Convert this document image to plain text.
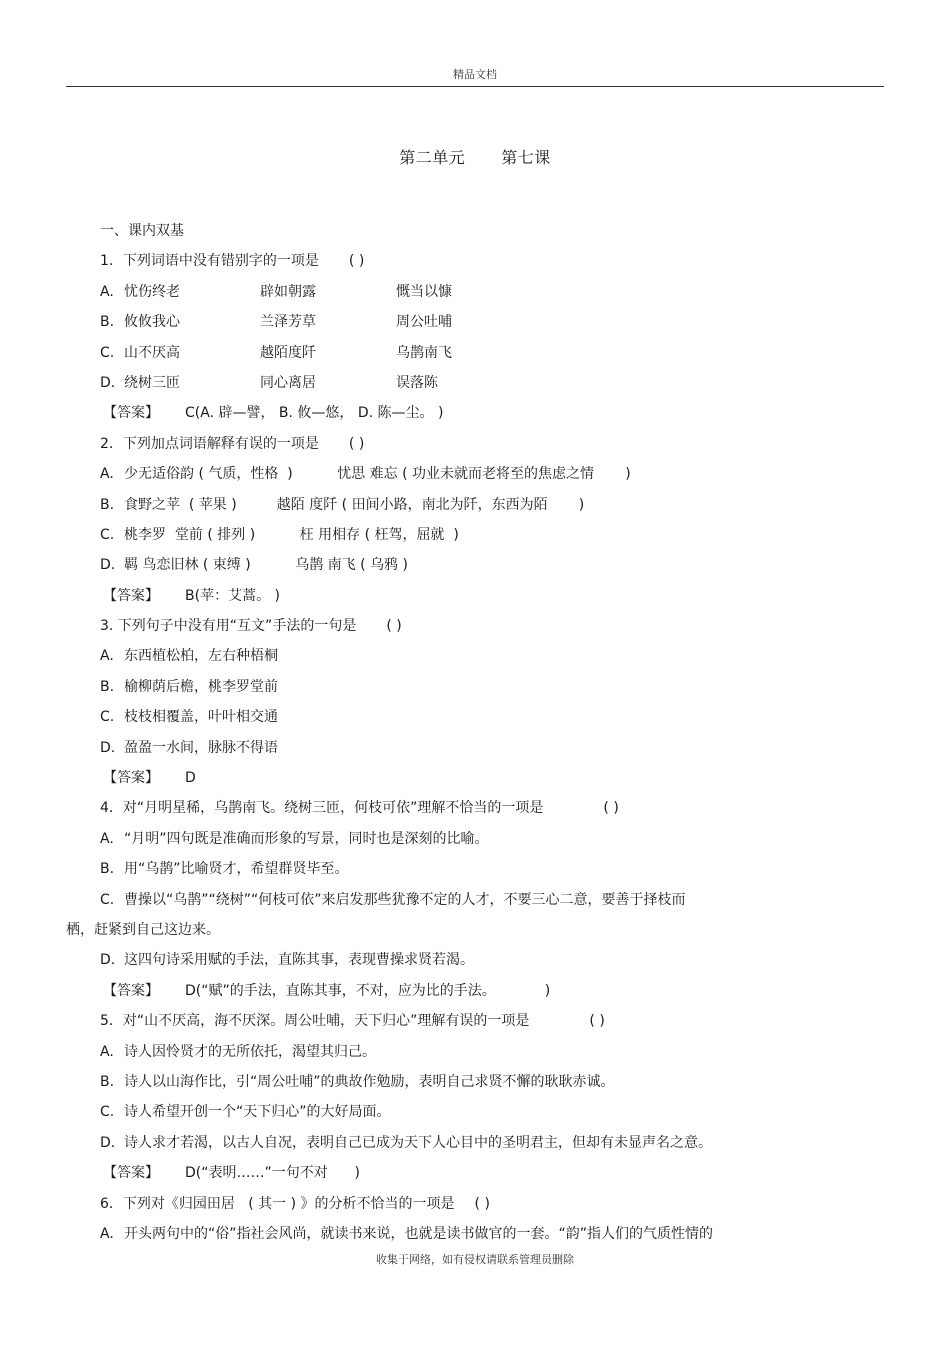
精品文档
第二单元 第七课
一、课内双基
1．下列词语中没有错别字的一项是 ( )
A. 忧伤终老	辟如朝露	慨当以慷
B. 攸攸我心	兰泽芳草	周公吐哺
C. 山不厌高	越陌度阡	乌鹊南飞
D. 绕树三匝	同心离居	误落陈
【答案】 C(A. 辟—譬， B. 攸—悠， D. 陈—尘。 )
2．下列加点词语解释有误的一项是 ( )
A. 少无适俗韵 ( 气质，性格  )          忧思 难忘 ( 功业未就而老将至的焦虑之情       )
B. 食野之苹  ( 苹果 )         越陌 度阡 ( 田间小路，南北为阡，东西为陌       )
C. 桃李罗  堂前 ( 排列 )          枉 用相存 ( 枉驾，屈就  )
D. 羁 鸟恋旧林 ( 束缚 )          乌鹊 南飞 ( 乌鸦 )
【答案】 B(苹：艾蒿。 )
3. 下列句子中没有用“互文”手法的一句是 ( )
A. 东西植松柏，左右种梧桐
B. 榆柳荫后檐，桃李罗堂前
C. 枝枝相覆盖，叶叶相交通
D. 盈盈一水间，脉脉不得语
【答案】 D
4．对“月明星稀，乌鹊南飞。绕树三匝，何枝可依”理解不恰当的一项是	( )
A. “月明”四句既是准确而形象的写景，同时也是深刻的比喻。
B. 用“乌鹊”比喻贤才，希望群贤毕至。
C. 曹操以“乌鹊”“绕树”“何枝可依”来启发那些犹豫不定的人才，不要三心二意，要善于择枝而
栖，赶紧到自己这边来。
D. 这四句诗采用赋的手法，直陈其事，表现曹操求贤若渴。
【答案】 D(“赋”的手法，直陈其事，不对，应为比的手法。           )
5．对“山不厌高，海不厌深。周公吐哺，天下归心”理解有误的一项是	( )
A. 诗人因怜贤才的无所依托，渴望其归己。
B. 诗人以山海作比，引“周公吐哺”的典故作勉励，表明自己求贤不懈的耿耿赤诚。
C. 诗人希望开创一个“天下归心”的大好局面。
D. 诗人求才若渴，以古人自况，表明自己已成为天下人心目中的圣明君主，但却有未显声名之意。
【答案】 D(“表明……”一句不对      )
6．下列对《归园田居   ( 其一 ) 》的分析不恰当的一项是 ( )
A. 开头两句中的“俗”指社会风尚，就读书来说，也就是读书做官的一套。“韵”指人们的气质性情的
收集于网络，如有侵权请联系管理员删除
